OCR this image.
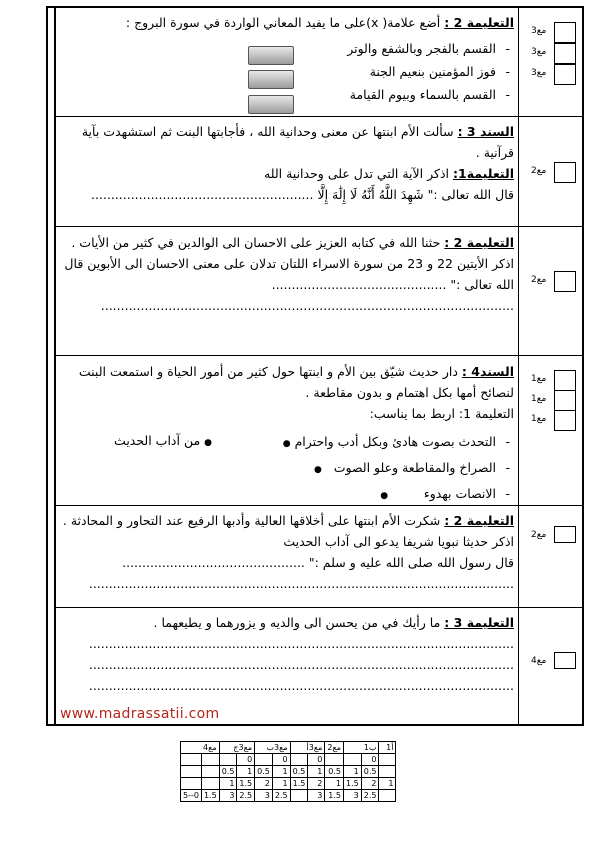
التعليمة 2 : أضع علامة( x)على ما يفيد المعاني الواردة في سورة البروج :

- القسم بالفجر وبالشفع والوتر
- فوز المؤمنين بنعيم الجنة
- القسم بالسماء وبيوم القيامة
مع3
مع3
مع3

السند 3 : سألت الأم ابنتها عن معنى وحدانية الله ، فأجابتها البنت ثم استشهدت بآية قرآنية .

التعليمة1: اذكر الآية التي تدل على وحدانية الله

قال الله تعالى :" شَهِدَ اللَّهُ أَنَّهُ لَا إِلَٰهَ إِلَّا ........................................................

مع2

التعليمة 2 : حثنا الله في كتابه العزيز على الاحسان الى الوالدين في كثير من الأيات .

اذكر الأيتين 22 و 23 من سورة الاسراء اللتان تدلان على معنى الاحسان الى الأبوين قال الله تعالى :" ............................................

........................................................................................................

مع2

السند4 : دار حديث شيّق بين الأم و ابنتها حول كثير من أمور الحياة و استمعت البنت لنصائح أمها بكل اهتمام و بدون مقاطعة .

التعليمة 1: اربط بما يناسب:

- التحدث بصوت هادئ وبكل أدب واحترام ●
- الصراخ والمقاطعة وعلو الصوت   ●
- الانصات بهدوء         ●

● من آداب الحديث

مع1
مع1
مع1

التعليمة 2 : شكرت الأم ابنتها على أخلاقها العالية وأدبها الرفيع عند التحاور و المحادثة . اذكر حديثا نبويا شريفا يدعو الى آداب الحديث

قال رسول الله صلى الله عليه و سلم :" ..............................................

...........................................................................................................

مع2

التعليمة 3 : ما رأيك في من يحسن الى والديه و يزورهما و يطيعهما .

...........................................................................................................

...........................................................................................................

...........................................................................................................

مع4
www.madrassatii.com
مع4		مع3ج		مع3ب		مع3أ		مع2	1ب		أ1
			0		0		0			0	
		0.5	1	0.5	1	0.5	1	0.5	1	0.5	
		1	1.5	2	1	1.5	2	1	1.5	2	1
5--0	1.5	3	2.5	3	2.5		3	1.5	3	2.5	
